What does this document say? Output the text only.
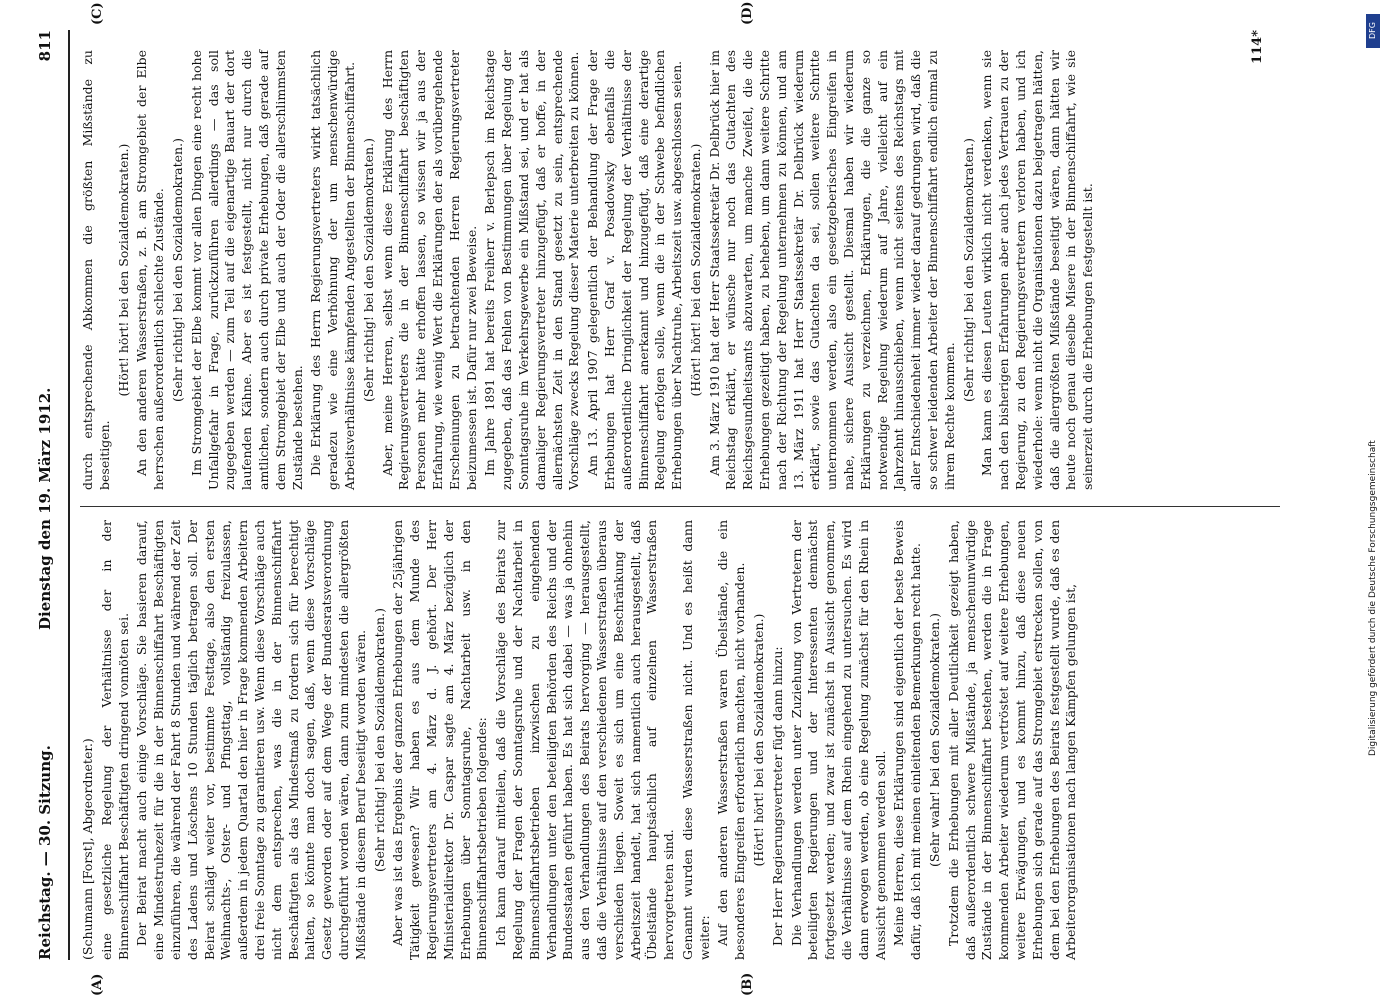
Reichstag. — 30. Sitzung.
Dienstag den 19. März 1912.
811
(A)	(B)
(C)	(D)

(Schumann [Forst], Abgeordneter.) eine gesetzliche Regelung der Verhältnisse der in der Binnenschiffahrt Beschäftigten dringend vonnöten sei. Der Beirat macht auch einige Vorschläge. Sie basieren darauf, eine Mindestruhezeit für die in der Binnenschiffahrt Beschäftigten einzuführen, die während der Fahrt 8 Stunden und während der Zeit des Ladens und Löschens 10 Stunden täglich betragen soll. Der Beirat schlägt weiter vor, bestimmte Festtage, also den ersten Weihnachts-, Oster- und Pfingsttag, vollständig freizulassen, außerdem in jedem Quartal den hier in Frage kommenden Arbeitern drei freie Sonntage zu garantieren usw. Wenn diese Vorschläge auch nicht dem entsprechen, was die in der Binnenschiffahrt Beschäftigten als das Mindestmaß zu fordern sich für berechtigt halten, so könnte man doch sagen, daß, wenn diese Vorschläge Gesetz geworden oder auf dem Wege der Bundesratsverordnung durchgeführt worden wären, dann zum mindesten die allergrößten Mißstände in diesem Beruf beseitigt worden wären. (Sehr richtig! bei den Sozialdemokraten.) Aber was ist das Ergebnis der ganzen Erhebungen der 25jährigen Tätigkeit gewesen? Wir haben es aus dem Munde des Regierungsvertreters am 4. März d. J. gehört. Der Herr Ministerialdirektor Dr. Caspar sagte am 4. März bezüglich der Erhebungen über Sonntagsruhe, Nachtarbeit usw. in den Binnenschiffahrtsbetrieben folgendes: Ich kann darauf mitteilen, daß die Vorschläge des Beirats zur Regelung der Fragen der Sonntagsruhe und der Nachtarbeit in Binnenschiffahrtsbetrieben inzwischen zu eingehenden Verhandlungen unter den beteiligten Behörden des Reichs und der Bundesstaaten geführt haben. Es hat sich dabei — was ja ohnehin aus den Verhandlungen des Beirats hervorging — herausgestellt, daß die Verhältnisse auf den verschiedenen Wasserstraßen überaus verschieden liegen. Soweit es sich um eine Beschränkung der Arbeitszeit handelt, hat sich namentlich auch herausgestellt, daß Übelstände hauptsächlich auf einzelnen Wasserstraßen hervorgetreten sind. Genannt wurden diese Wasserstraßen nicht. Und es heißt dann weiter: Auf den anderen Wasserstraßen waren Übelstände, die ein besonderes Eingreifen erforderlich machten, nicht vorhanden. (Hört! hört! bei den Sozialdemokraten.) Der Herr Regierungsvertreter fügt dann hinzu: Die Verhandlungen werden unter Zuziehung von Vertretern der beteiligten Regierungen und der Interessenten demnächst fortgesetzt werden; und zwar ist zunächst in Aussicht genommen, die Verhältnisse auf dem Rhein eingehend zu untersuchen. Es wird dann erwogen werden, ob eine Regelung zunächst für den Rhein in Aussicht genommen werden soll. Meine Herren, diese Erklärungen sind eigentlich der beste Beweis dafür, daß ich mit meinen einleitenden Bemerkungen recht hatte. (Sehr wahr! bei den Sozialdemokraten.) Trotzdem die Erhebungen mit aller Deutlichkeit gezeigt haben, daß außerordentlich schwere Mißstände, ja menschenunwürdige Zustände in der Binnenschiffahrt bestehen, werden die in Frage kommenden Arbeiter wiederum vertröstet auf weitere Erhebungen, weitere Erwägungen, und es kommt hinzu, daß diese neuen Erhebungen sich gerade auf das Stromgebiet erstrecken sollen, von dem bei den Erhebungen des Beirats festgestellt wurde, daß es den Arbeiterorganisationen nach langen Kämpfen gelungen ist,

durch entsprechende Abkommen die größten Mißstände zu beseitigen.

(Hört! hört! bei den Sozialdemokraten.) An den anderen Wasserstraßen, z. B. am Stromgebiet der Elbe herrschen außerordentlich schlechte Zustände. (Sehr richtig! bei den Sozialdemokraten.) Im Stromgebiet der Elbe kommt vor allen Dingen eine recht hohe Unfallgefahr in Frage, zurückzuführen allerdings — das soll zugegeben werden — zum Teil auf die eigenartige Bauart der dort laufenden Kähne. Aber es ist festgestellt, nicht nur durch die amtlichen, sondern auch durch private Erhebungen, daß gerade auf dem Stromgebiet der Elbe und auch der Oder die allerschlimmsten Zustände bestehen. Die Erklärung des Herrn Regierungsvertreters wirkt tatsächlich geradezu wie eine Verhöhnung der um menschenwürdige Arbeitsverhältnisse kämpfenden Angestellten der Binnenschiffahrt. (Sehr richtig! bei den Sozialdemokraten.) Aber, meine Herren, selbst wenn diese Erklärung des Herrn Regierungsvertreters die in der Binnenschiffahrt beschäftigten Personen mehr hätte erhoffen lassen, so wissen wir ja aus der Erfahrung, wie wenig Wert die Erklärungen der als vorübergehende Erscheinungen zu betrachtenden Herren Regierungsvertreter beizumessen ist. Dafür nur zwei Beweise. Im Jahre 1891 hat bereits Freiherr v. Berlepsch im Reichstage zugegeben, daß das Fehlen von Bestimmungen über Regelung der Sonntagsruhe im Verkehrsgewerbe ein Mißstand sei, und er hat als damaliger Regierungsvertreter hinzugefügt, daß er hoffe, in der allernächsten Zeit in den Stand gesetzt zu sein, entsprechende Vorschläge zwecks Regelung dieser Materie unterbreiten zu können. Am 13. April 1907 gelegentlich der Behandlung der Frage der Erhebungen hat Herr Graf v. Posadowsky ebenfalls die außerordentliche Dringlichkeit der Regelung der Verhältnisse der Binnenschiffahrt anerkannt und hinzugefügt, daß eine derartige Regelung erfolgen solle, wenn die in der Schwebe befindlichen Erhebungen über Nachtruhe, Arbeitszeit usw. abgeschlossen seien. (Hört! hört! bei den Sozialdemokraten.) Am 3. März 1910 hat der Herr Staatssekretär Dr. Delbrück hier im Reichstag erklärt, er wünsche nur noch das Gutachten des Reichsgesundheitsamts abzuwarten, um manche Zweifel, die die Erhebungen gezeitigt haben, zu beheben, um dann weitere Schritte nach der Richtung der Regelung unternehmen zu können, und am 13. März 1911 hat Herr Staatssekretär Dr. Delbrück wiederum erklärt, sowie das Gutachten da sei, sollen weitere Schritte unternommen werden, also ein gesetzgeberisches Eingreifen in nahe, sichere Aussicht gestellt. Diesmal haben wir wiederum Erklärungen zu verzeichnen, Erklärungen, die die ganze so notwendige Regelung wiederum auf Jahre, vielleicht auf ein Jahrzehnt hinausschieben, wenn nicht seitens des Reichstags mit aller Entschiedenheit immer wieder darauf gedrungen wird, daß die so schwer leidenden Arbeiter der Binnenschiffahrt endlich einmal zu ihrem Rechte kommen.

(Sehr richtig! bei den Sozialdemokraten.) Man kann es diesen Leuten wirklich nicht verdenken, wenn sie nach den bisherigen Erfahrungen aber auch jedes Vertrauen zu der Regierung, zu den Regierungsvertretern verloren haben, und ich wiederhole: wenn nicht die Organisationen dazu beigetragen hätten, daß die allergrößten Mißstände beseitigt wären, dann hätten wir heute noch genau dieselbe Misere in der Binnenschiffahrt, wie sie seinerzeit durch die Erhebungen festgestellt ist.

114*	DFG
Digitalisierung gefördert durch die Deutsche Forschungsgemeinschaft
